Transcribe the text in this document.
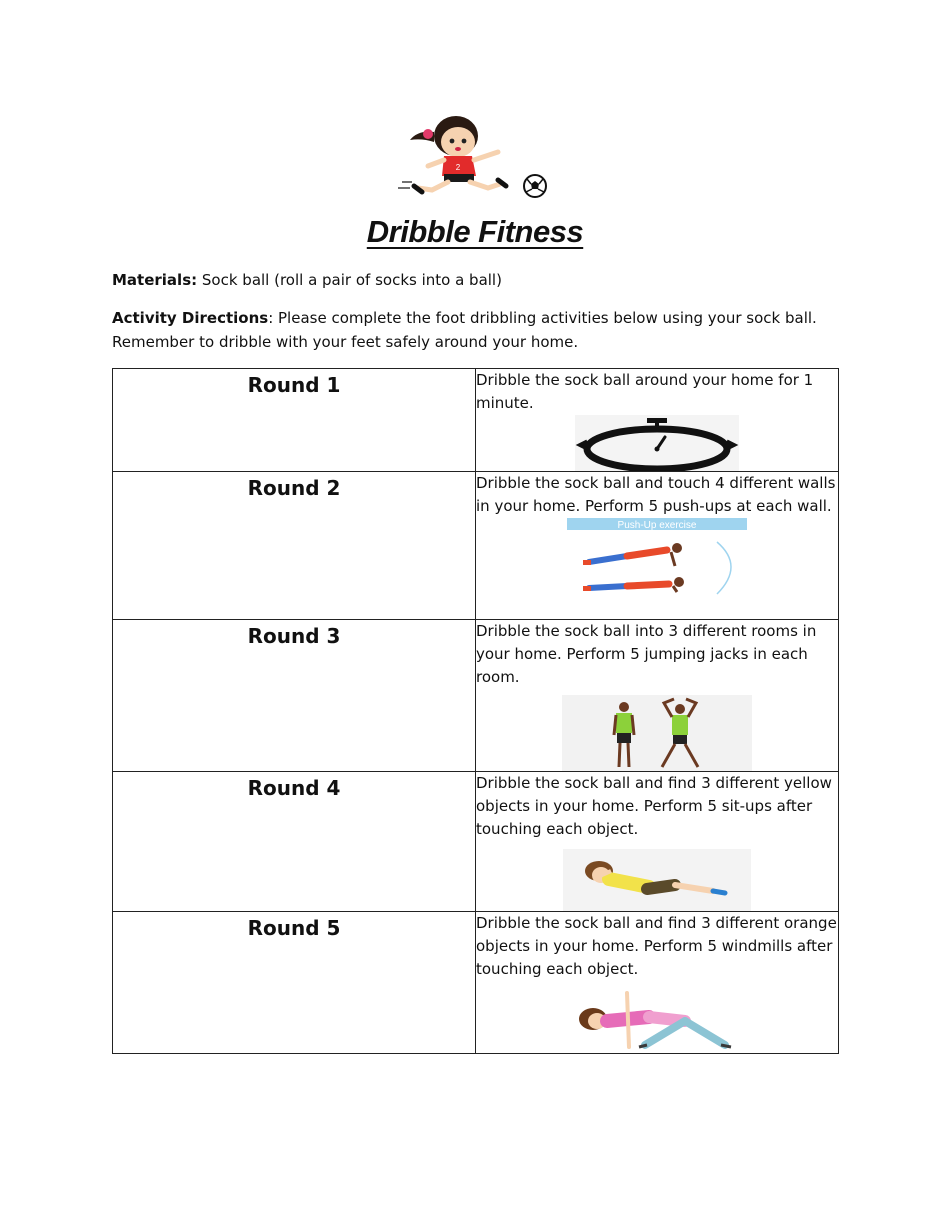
2
Dribble Fitness
Materials: Sock ball (roll a pair of socks into a ball)
Activity Directions: Please complete the foot dribbling activities below using your sock ball. Remember to dribble with your feet safely around your home.
Round 1	Dribble the sock ball around your home for 1 minute.

Round 2	Dribble the sock ball and touch 4 different walls in your home. Perform 5 push-ups at each wall.
Push-Up exercise

Round 3	Dribble the sock ball into 3 different rooms in your home. Perform 5 jumping jacks in each room.

Round 4	Dribble the sock ball and find 3 different yellow objects in your home. Perform 5 sit-ups after touching each object.

Round 5	Dribble the sock ball and find 3 different orange objects in your home. Perform 5 windmills after touching each object.
